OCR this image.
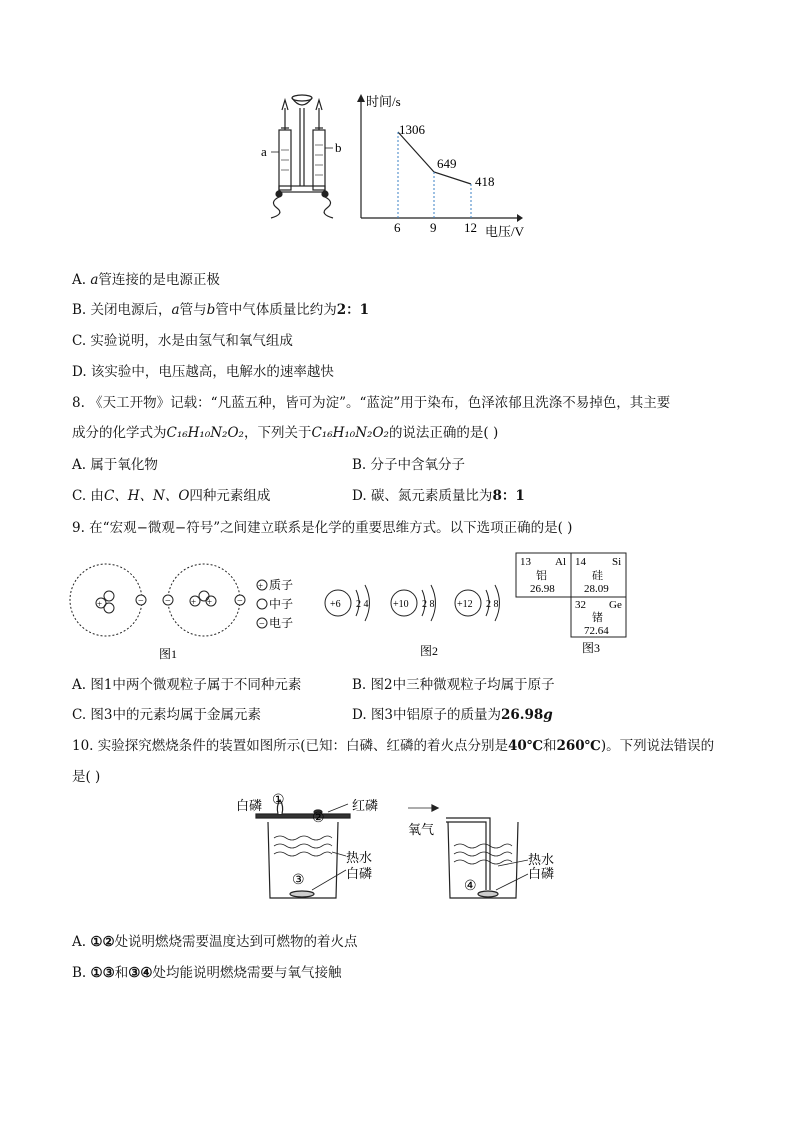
a	b
时间/s
电压/V
1306
649
418
6 9 12
A. a管连接的是电源正极
B. 关闭电源后，a管与b管中气体质量比约为2：1
C. 实验说明，水是由氢气和氧气组成
D. 该实验中，电压越高，电解水的速率越快
8. 《天工开物》记载：“凡蓝五种，皆可为淀”。“蓝淀”用于染布，色泽浓郁且洗涤不易掉色，其主要
成分的化学式为C₁₆H₁₀N₂O₂，下列关于C₁₆H₁₀N₂O₂的说法正确的是( )
A. 属于氧化物	B. 分子中含氧分子
C. 由C、H、N、O四种元素组成	D. 碳、氮元素质量比为8：1
9. 在“宏观−微观−符号”之间建立联系是化学的重要思维方式。以下选项正确的是( )
+	−	+ +
−	−
+
−
质子
中子
电子
图1
+6 2 4 +10 2 8 +12 2 8
图2
13 Al
铝
26.98
14 Si
硅
28.09
32 Ge
锗
72.64
图3
A. 图1中两个微观粒子属于不同种元素	B. 图2中三种微观粒子均属于原子
C. 图3中的元素均属于金属元素	D. 图3中铝原子的质量为26.98g
10. 实验探究燃烧条件的装置如图所示(已知：白磷、红磷的着火点分别是40℃和260℃)。下列说法错误的
是( )
白磷 ①
②
红磷
热水
白磷
③
氧气
热水
白磷
④
A. ①②处说明燃烧需要温度达到可燃物的着火点
B. ①③和③④处均能说明燃烧需要与氧气接触
